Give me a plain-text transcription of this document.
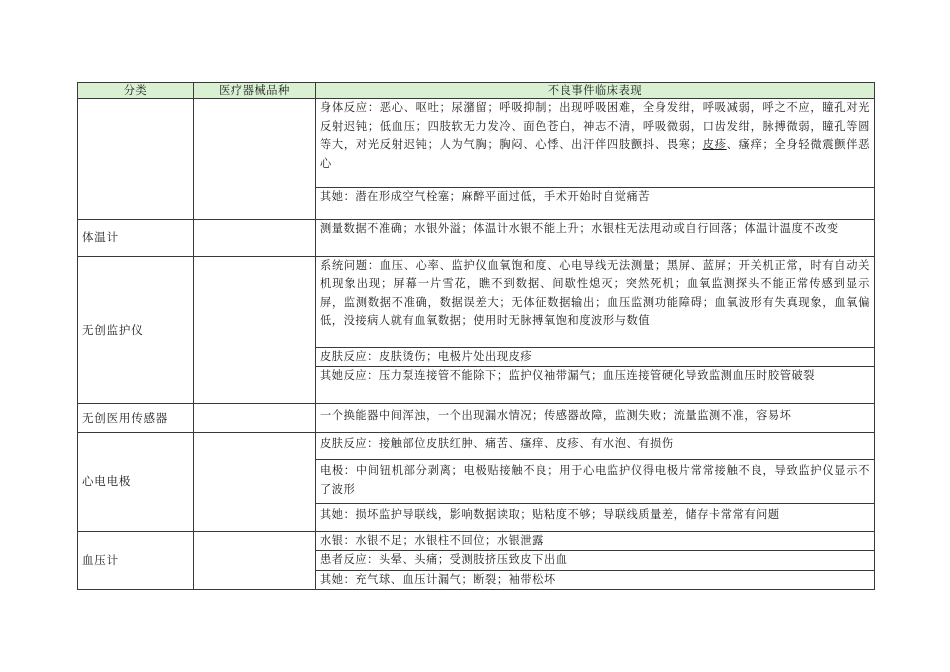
分类	医疗器械品种	不良事件临床表现
		身体反应：恶心、呕吐；尿潴留；呼吸抑制；出现呼吸困难，全身发绀，呼吸减弱，呼之不应，瞳孔对光反射迟钝；低血压；四肢软无力发冷、面色苍白，神志不清，呼吸微弱，口齿发绀，脉搏微弱，瞳孔等圆等大，对光反射迟钝；人为气胸；胸闷、心悸、出汗伴四肢颤抖、畏寒；皮疹、瘙痒；全身轻微震颤伴恶心
		其她：潜在形成空气栓塞；麻醉平面过低，手术开始时自觉痛苦
体温计		测量数据不准确；水银外溢；体温计水银不能上升；水银柱无法甩动或自行回落；体温计温度不改变
无创监护仪		系统问题：血压、心率、监护仪血氧饱和度、心电导线无法测量；黑屏、蓝屏；开关机正常，时有自动关机现象出现；屏幕一片雪花，瞧不到数据、间歇性熄灭；突然死机；血氧监测探头不能正常传感到显示屏，监测数据不准确，数据误差大；无体征数据输出；血压监测功能障碍；血氧波形有失真现象，血氧偏低，没接病人就有血氧数据；使用时无脉搏氧饱和度波形与数值
		皮肤反应：皮肤烫伤；电极片处出现皮疹
		其她反应：压力泵连接管不能除下；监护仪袖带漏气；血压连接管硬化导致监测血压时胶管破裂
无创医用传感器		一个换能器中间浑浊，一个出现漏水情况；传感器故障，监测失败；流量监测不准，容易坏
心电电极		皮肤反应：接触部位皮肤红肿、痛苦、瘙痒、皮疹、有水泡、有损伤
		电极：中间钮机部分剥离；电极贴接触不良；用于心电监护仪得电极片常常接触不良，导致监护仪显示不了波形
		其她：损坏监护导联线，影响数据读取；贴粘度不够；导联线质量差，储存卡常常有问题
血压计		水银：水银不足；水银柱不回位；水银泄露
		患者反应：头晕、头痛；受测肢挤压致皮下出血
		其她：充气球、血压计漏气；断裂；袖带松坏
